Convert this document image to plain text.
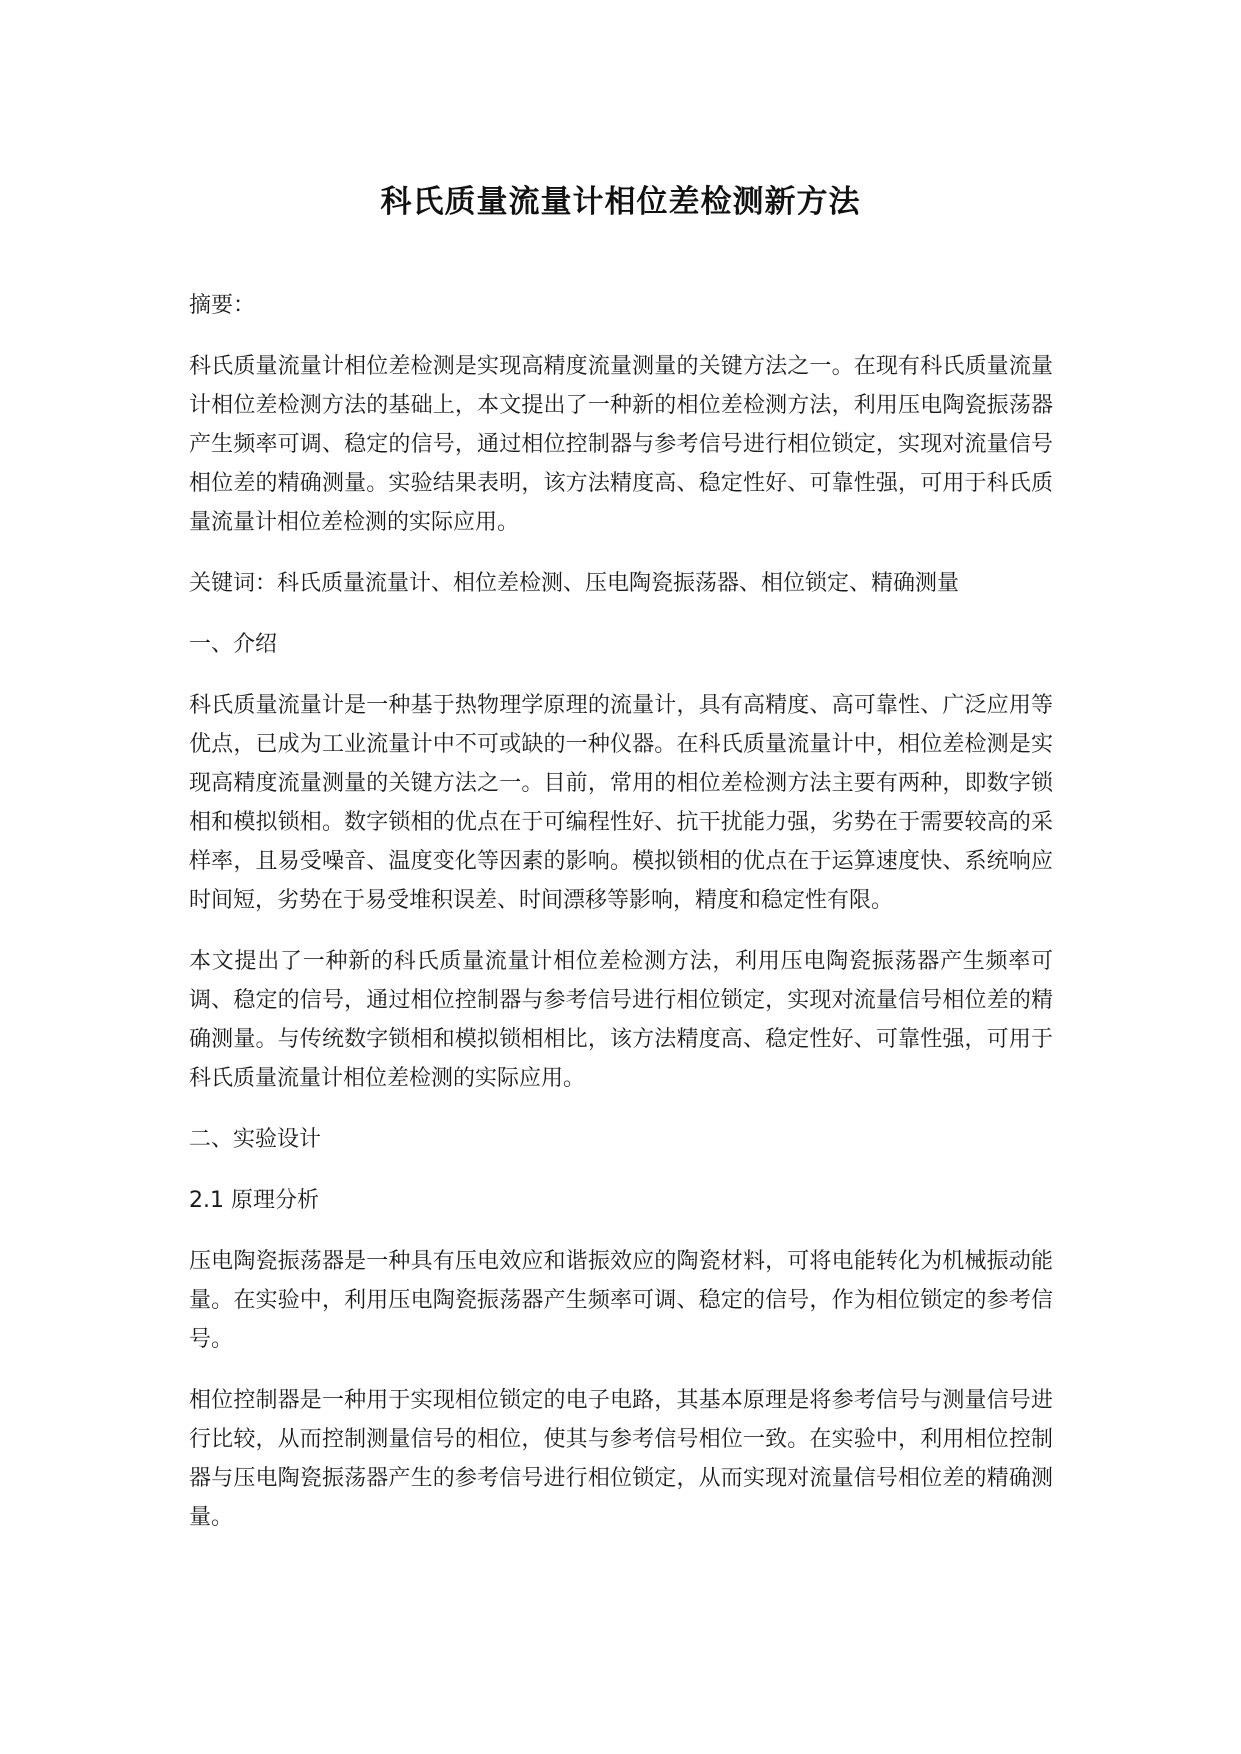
科氏质量流量计相位差检测新方法

摘要：

科氏质量流量计相位差检测是实现高精度流量测量的关键方法之一。在现有科氏质量流量计相位差检测方法的基础上，本文提出了一种新的相位差检测方法，利用压电陶瓷振荡器产生频率可调、稳定的信号，通过相位控制器与参考信号进行相位锁定，实现对流量信号相位差的精确测量。实验结果表明，该方法精度高、稳定性好、可靠性强，可用于科氏质量流量计相位差检测的实际应用。

关键词：科氏质量流量计、相位差检测、压电陶瓷振荡器、相位锁定、精确测量

一、介绍

科氏质量流量计是一种基于热物理学原理的流量计，具有高精度、高可靠性、广泛应用等优点，已成为工业流量计中不可或缺的一种仪器。在科氏质量流量计中，相位差检测是实现高精度流量测量的关键方法之一。目前，常用的相位差检测方法主要有两种，即数字锁相和模拟锁相。数字锁相的优点在于可编程性好、抗干扰能力强，劣势在于需要较高的采样率，且易受噪音、温度变化等因素的影响。模拟锁相的优点在于运算速度快、系统响应时间短，劣势在于易受堆积误差、时间漂移等影响，精度和稳定性有限。

本文提出了一种新的科氏质量流量计相位差检测方法，利用压电陶瓷振荡器产生频率可调、稳定的信号，通过相位控制器与参考信号进行相位锁定，实现对流量信号相位差的精确测量。与传统数字锁相和模拟锁相相比，该方法精度高、稳定性好、可靠性强，可用于科氏质量流量计相位差检测的实际应用。

二、实验设计

2.1 原理分析

压电陶瓷振荡器是一种具有压电效应和谐振效应的陶瓷材料，可将电能转化为机械振动能量。在实验中，利用压电陶瓷振荡器产生频率可调、稳定的信号，作为相位锁定的参考信号。

相位控制器是一种用于实现相位锁定的电子电路，其基本原理是将参考信号与测量信号进行比较，从而控制测量信号的相位，使其与参考信号相位一致。在实验中，利用相位控制器与压电陶瓷振荡器产生的参考信号进行相位锁定，从而实现对流量信号相位差的精确测量。
